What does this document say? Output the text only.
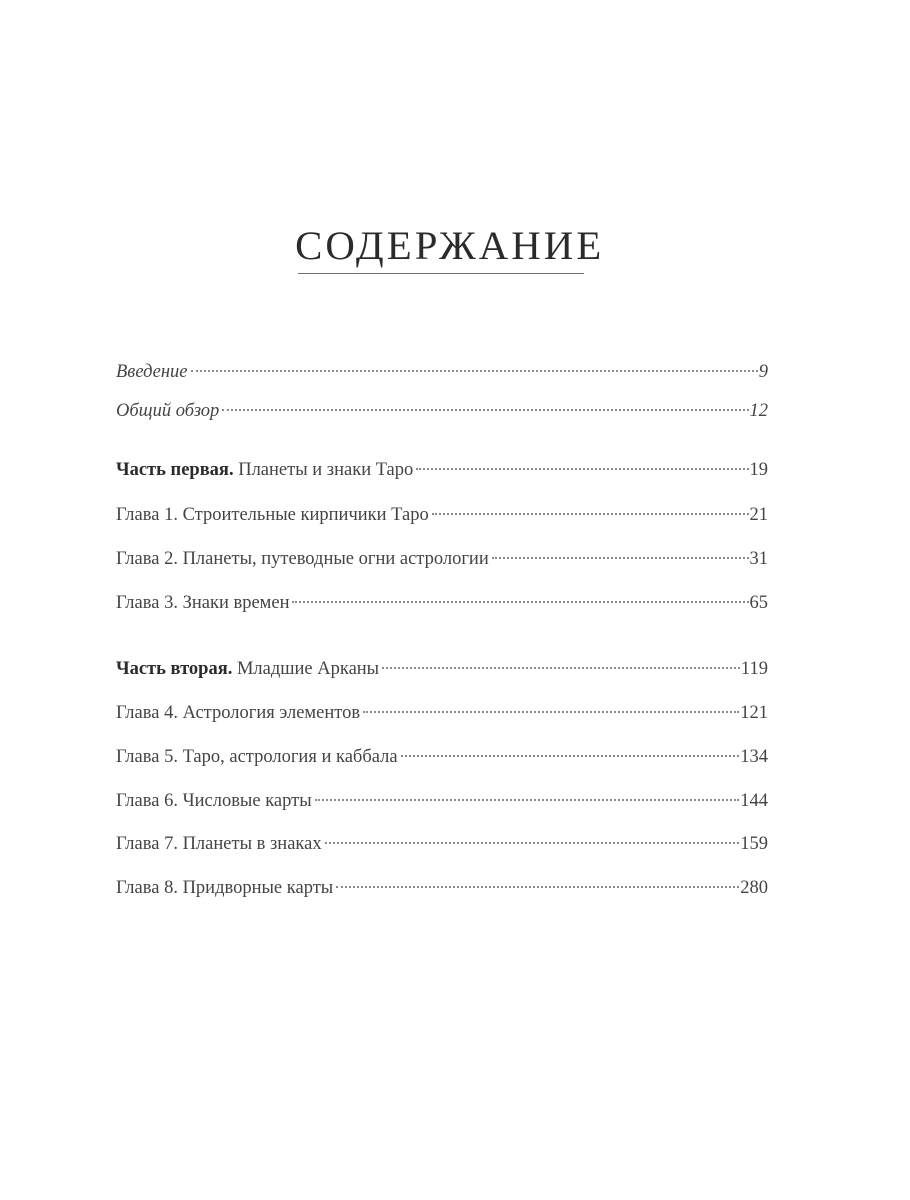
СОДЕРЖАНИЕ
Введение	9
Общий обзор	12
Часть первая. Планеты и знаки Таро	19
Глава 1. Строительные кирпичики Таро	21
Глава 2. Планеты, путеводные огни астрологии	31
Глава 3. Знаки времен	65
Часть вторая. Младшие Арканы	119
Глава 4. Астрология элементов	121
Глава 5. Таро, астрология и каббала	134
Глава 6. Числовые карты	144
Глава 7. Планеты в знаках	159
Глава 8. Придворные карты	280
